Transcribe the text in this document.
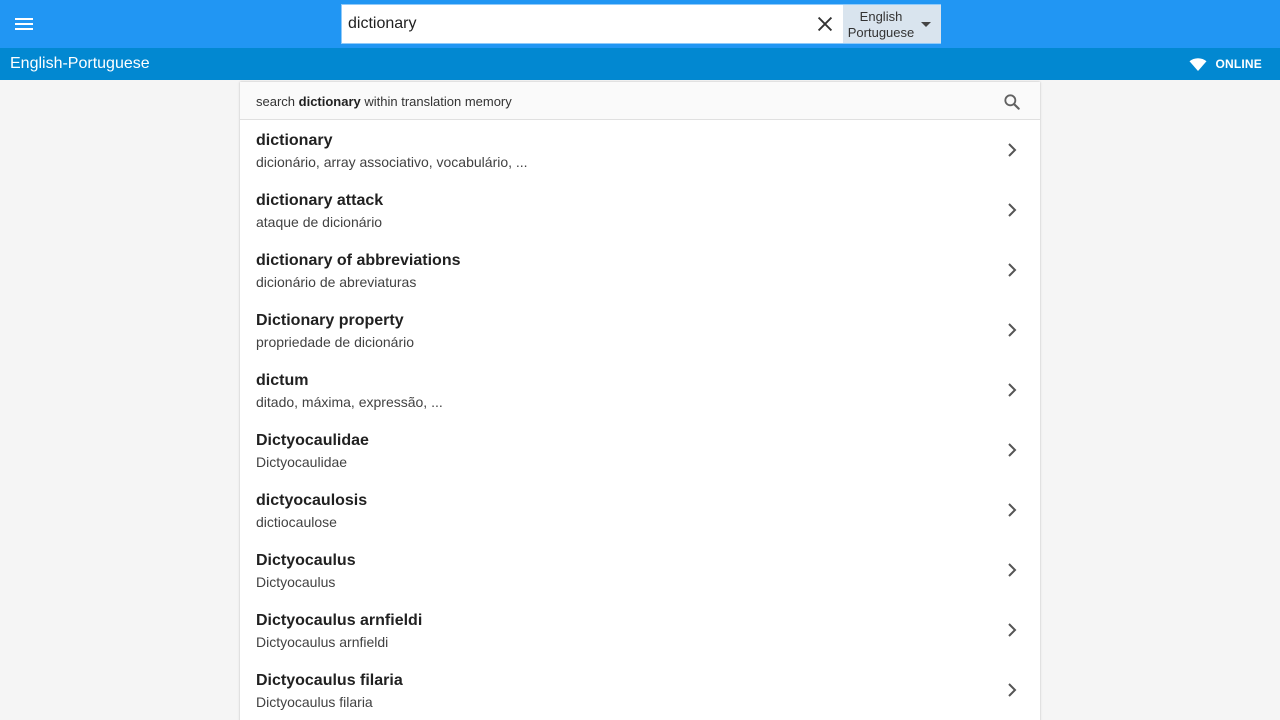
dictionary
English
Portuguese
English-Portuguese	ONLINE
search dictionary within translation memory
dictionary
dicionário, array associativo, vocabulário, ...
dictionary attack
ataque de dicionário
dictionary of abbreviations
dicionário de abreviaturas
Dictionary property
propriedade de dicionário
dictum
ditado, máxima, expressão, ...
Dictyocaulidae
Dictyocaulidae
dictyocaulosis
dictiocaulose
Dictyocaulus
Dictyocaulus
Dictyocaulus arnfieldi
Dictyocaulus arnfieldi
Dictyocaulus filaria
Dictyocaulus filaria
